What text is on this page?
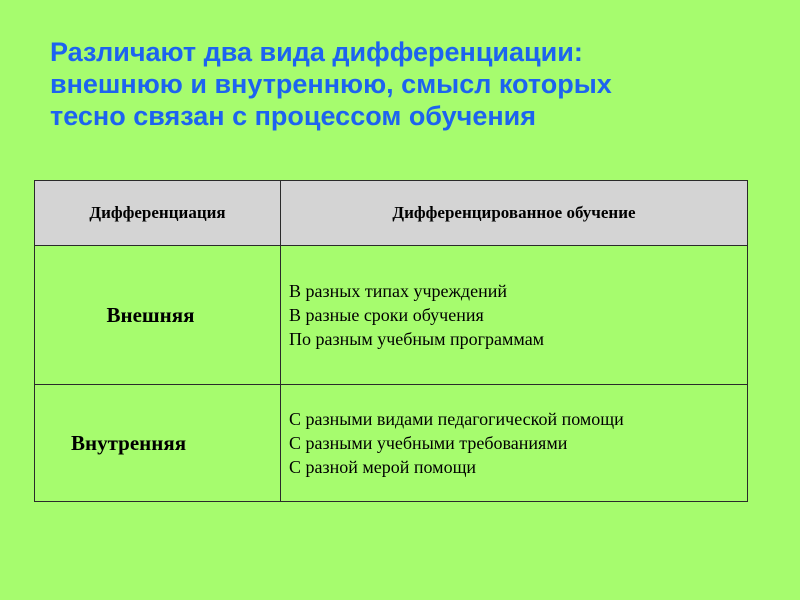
Различают два вида дифференциации:
внешнюю и внутреннюю, смысл которых
тесно связан с процессом обучения
Дифференциация	Дифференцированное обучение
Внешняя	В разных типах учреждений
В разные сроки обучения
По разным учебным программам

Внутренняя	С разными видами педагогической помощи
С разными учебными требованиями
С разной мерой помощи
